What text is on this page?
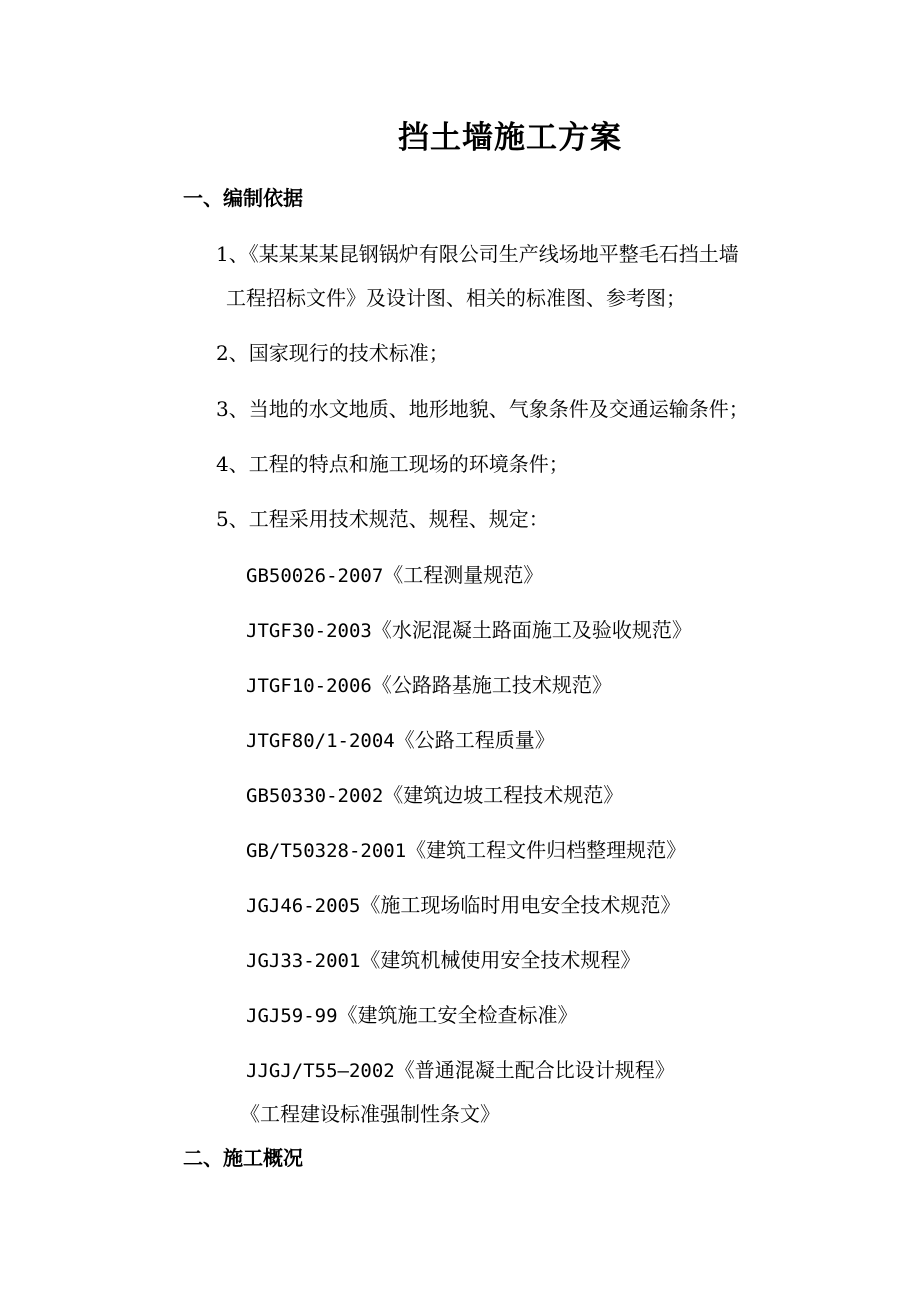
挡土墙施工方案
一、编制依据
1、《某某某某昆钢锅炉有限公司生产线场地平整毛石挡土墙
工程招标文件》及设计图、相关的标准图、参考图；
2、国家现行的技术标准；
3、当地的水文地质、地形地貌、气象条件及交通运输条件；
4、工程的特点和施工现场的环境条件；
5、工程采用技术规范、规程、规定：
GB50026-2007《工程测量规范》
JTGF30-2003《水泥混凝土路面施工及验收规范》
JTGF10-2006《公路路基施工技术规范》
JTGF80/1-2004《公路工程质量》
GB50330-2002《建筑边坡工程技术规范》
GB/T50328-2001《建筑工程文件归档整理规范》
JGJ46-2005《施工现场临时用电安全技术规范》
JGJ33-2001《建筑机械使用安全技术规程》
JGJ59-99《建筑施工安全检查标准》
JJGJ/T55—2002《普通混凝土配合比设计规程》
《工程建设标准强制性条文》
二、施工概况
